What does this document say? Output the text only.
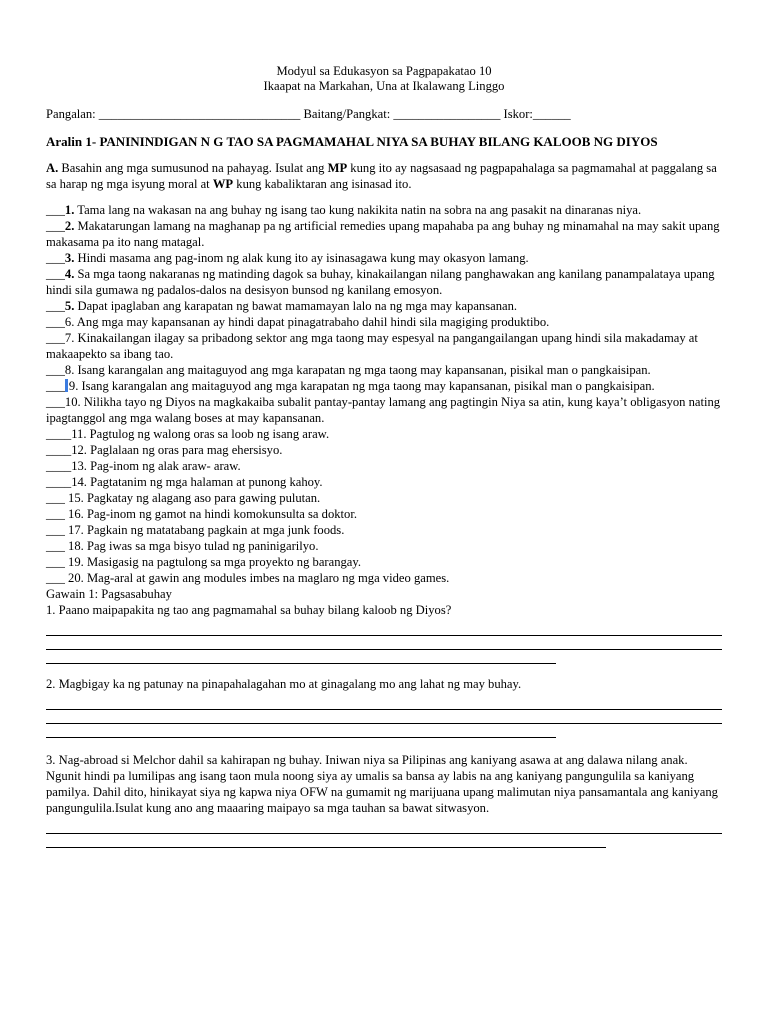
Modyul sa Edukasyon sa Pagpapakatao 10
Ikaapat na Markahan, Una at Ikalawang Linggo
Pangalan: ________________________________ Baitang/Pangkat: _________________ Iskor:______
Aralin 1- PANININDIGAN N G TAO SA PAGMAMAHAL NIYA SA BUHAY BILANG KALOOB NG DIYOS
A. Basahin ang mga sumusunod na pahayag. Isulat ang MP kung ito ay nagsasaad ng pagpapahalaga sa pagmamahal at paggalang sa sa harap ng mga isyung moral at WP kung kabaliktaran ang isinasad ito.
___1. Tama lang na wakasan na ang buhay ng isang tao kung nakikita natin na sobra na ang pasakit na dinaranas niya.
___2. Makatarungan lamang na maghanap pa ng artificial remedies upang mapahaba pa ang buhay ng minamahal na may sakit upang makasama pa ito nang matagal.
___3. Hindi masama ang pag-inom ng alak kung ito ay isinasagawa kung may okasyon lamang.
___4. Sa mga taong nakaranas ng matinding dagok sa buhay, kinakailangan nilang panghawakan ang kanilang panampalataya upang hindi sila gumawa ng padalos-dalos na desisyon bunsod ng kanilang emosyon.
___5. Dapat ipaglaban ang karapatan ng bawat mamamayan lalo na ng mga may kapansanan.
___6. Ang mga may kapansanan ay hindi dapat pinagatrabaho dahil hindi sila magiging produktibo.
___7. Kinakailangan ilagay sa pribadong sektor ang mga taong may espesyal na pangangailangan upang hindi sila makadamay at makaapekto sa ibang tao.
___8. Isang karangalan ang maitaguyod ang mga karapatan ng mga taong may kapansanan, pisikal man o pangkaisipan.
___ 9. Isang karangalan ang maitaguyod ang mga karapatan ng mga taong may kapansanan, pisikal man o pangkaisipan.
___10. Nilikha tayo ng Diyos na magkakaiba subalit pantay-pantay lamang ang pagtingin Niya sa atin, kung kaya’t obligasyon nating ipagtanggol ang mga walang boses at may kapansanan.
____11. Pagtulog ng walong oras sa loob ng isang araw.
____12. Paglalaan ng oras para mag ehersisyo.
____13. Pag-inom ng alak araw- araw.
____14. Pagtatanim ng mga halaman at punong kahoy.
___ 15. Pagkatay ng alagang aso para gawing pulutan.
___ 16. Pag-inom ng gamot na hindi komokunsulta sa doktor.
___ 17. Pagkain ng matatabang pagkain at mga junk foods.
___ 18. Pag iwas sa mga bisyo tulad ng paninigarilyo.
___ 19. Masigasig na pagtulong sa mga proyekto ng barangay.
___ 20. Mag-aral at gawin ang modules imbes na maglaro ng mga video games.
Gawain 1: Pagsasabuhay
1. Paano maipapakita ng tao ang pagmamahal sa buhay bilang kaloob ng Diyos?
2. Magbigay ka ng patunay na pinapahalagahan mo at ginagalang mo ang lahat ng may buhay.
3. Nag-abroad si Melchor dahil sa kahirapan ng buhay. Iniwan niya sa Pilipinas ang kaniyang asawa at ang dalawa nilang anak. Ngunit hindi pa lumilipas ang isang taon mula noong siya ay umalis sa bansa ay labis na ang kaniyang pangungulila sa kaniyang pamilya. Dahil dito, hinikayat siya ng kapwa niya OFW na gumamit ng marijuana upang malimutan niya pansamantala ang kaniyang pangungulila.Isulat kung ano ang maaaring maipayo sa mga tauhan sa bawat sitwasyon.
